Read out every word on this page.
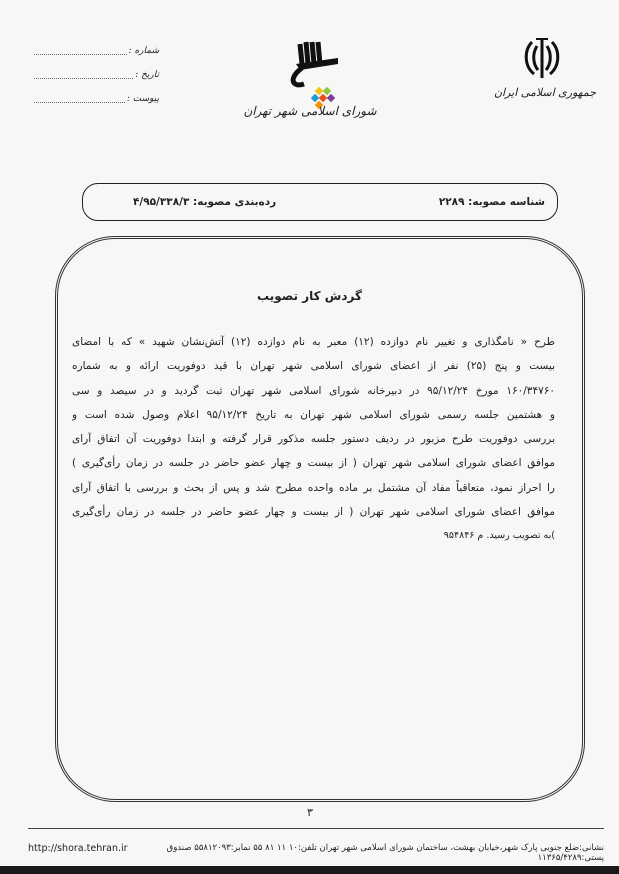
جمهوری اسلامی ایران
شورای اسلامی شهر تهران
شماره :
تاریخ :
پیوست :
شناسه مصوبه: ۲۲۸۹
رده‌بندی مصوبه: ۴/۹۵/۳۳۸/۳
گردش کار تصویب
طرح « نامگذاری و تغییر نام دوازده (۱۲) معبر به نام دوازده (۱۲) آتش‌نشان شهید » که با امضای
بیست و پنج (۲۵) نفر از اعضای شورای اسلامی شهر تهران با قید دوفوریت ارائه و به شماره
۱۶۰/۳۴۷۶۰ مورخ ۹۵/۱۲/۲۴ در دبیرخانه شورای اسلامی شهر تهران ثبت گردید و در سیصد و سی
و هشتمین جلسه رسمی شورای اسلامی شهر تهران به تاریخ ۹۵/۱۲/۲۴ اعلام وصول شده است و
بررسی دوفوریت طرح مزبور در ردیف دستور جلسه مذکور قرار گرفته و ابتدا دوفوریت آن اتفاق آرای
موافق اعضای شورای اسلامی شهر تهران ( از بیست و چهار عضو حاضر در جلسه در زمان رأی‌گیری )
را احراز نمود، متعاقباً مفاد آن مشتمل بر ماده واحده مطرح شد و پس از بحث و بررسی با اتفاق آرای
موافق اعضای شورای اسلامی شهر تهران ( از بیست و چهار عضو حاضر در جلسه در زمان رأی‌گیری
)به تصویب رسید. م ۹۵۴۸۴۶
۳
نشانی:ضلع جنوبی پارک شهر،خیابان بهشت، ساختمان شورای اسلامی شهر تهران تلفن:۱۰ ۱۱ ۸۱ ۵۵ نمابر:۵۵۸۱۲۰۹۳ صندوق پستی:۱۱۳۶۵/۴۲۸۹
http://shora.tehran.ir
